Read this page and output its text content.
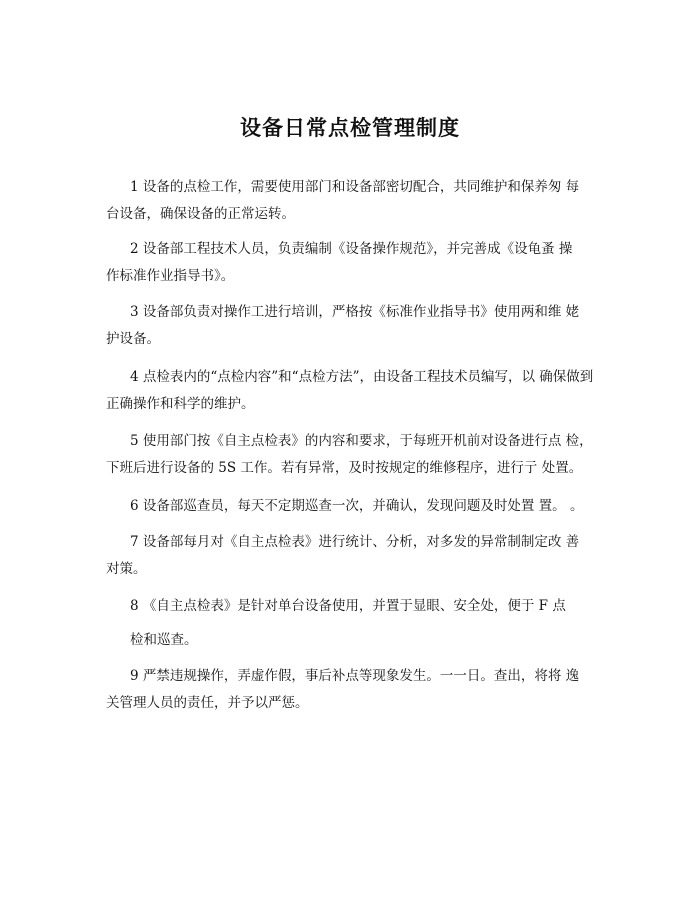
设备日常点检管理制度

1 设备的点检工作，需要使用部门和设备部密切配合，共同维护和保养匆 每

台设备，确保设备的正常运转。

2 设备部工程技术人员，负责编制《设备操作规范》，并完善成《设龟蚤 操

作标准作业指导书》。

3 设备部负责对操作工进行培训，严格按《标准作业指导书》使用两和维 姥

护设备。

4 点检表内的“点检内容”和“点检方法”，由设备工程技术员编写，以 确保做到

正确操作和科学的维护。

5 使用部门按《自主点检表》的内容和要求，于每班开机前对设备进行点 检，

下班后进行设备的 5S 工作。若有异常，及时按规定的维修程序，进行亍 处置。

6 设备部巡查员，每天不定期巡查一次，并确认，发现问题及时处置 置。 。

7 设备部每月对《自主点检表》进行统计、分析，对多发的异常制制定改 善

对策。

8 《自主点检表》是针对单台设备使用，并置于显眼、安全处，便于 F 点

检和巡查。

9 严禁违规操作，弄虚作假，事后补点等现象发生。一一日。查出，将将 逸

关管理人员的责任，并予以严惩。
